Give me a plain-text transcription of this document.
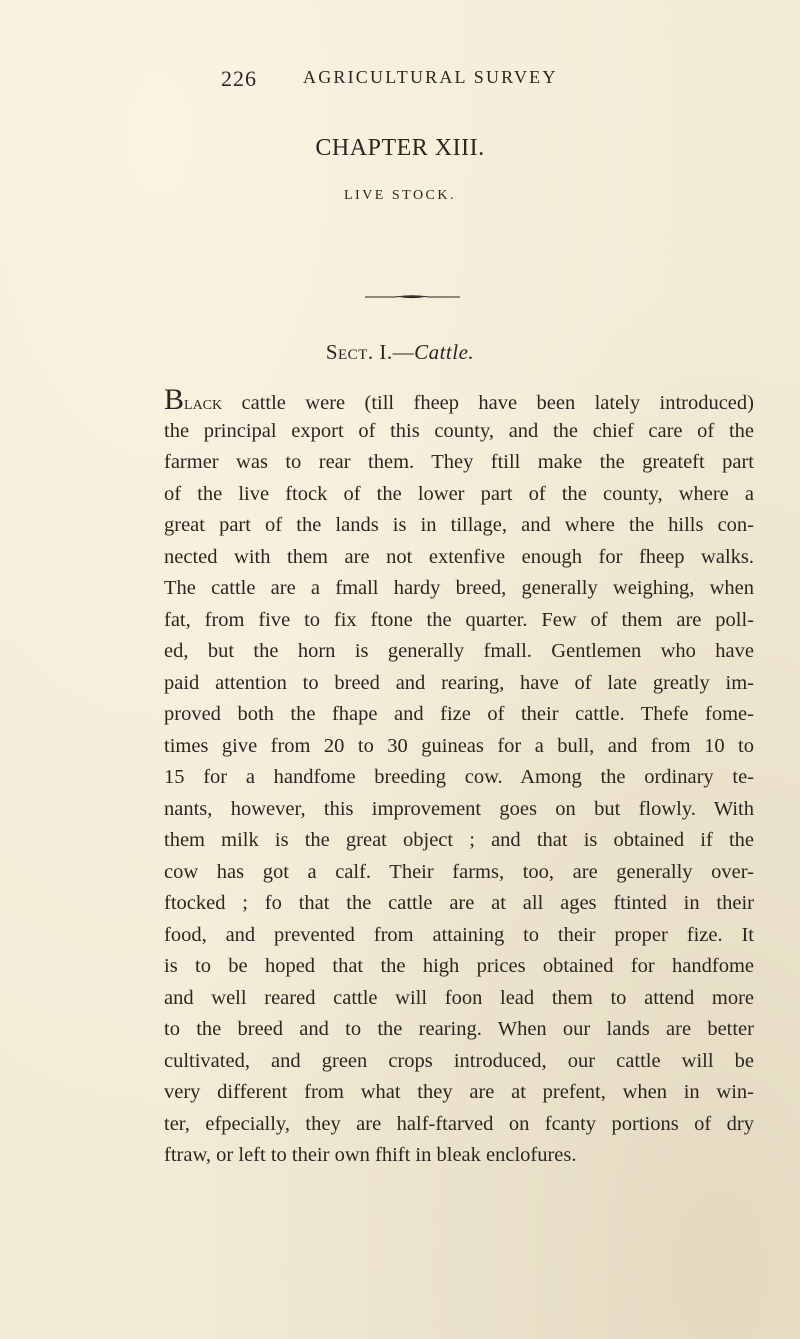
226	AGRICULTURAL SURVEY
CHAPTER XIII.
LIVE STOCK.
Sect. I.—Cattle.
Black cattle were (till fheep have been lately introduced)
the principal export of this county, and the chief care of the
farmer was to rear them. They ftill make the greateft part
of the live ftock of the lower part of the county, where a
great part of the lands is in tillage, and where the hills con-
nected with them are not extenfive enough for fheep walks.
The cattle are a fmall hardy breed, generally weighing, when
fat, from five to fix ftone the quarter. Few of them are poll-
ed, but the horn is generally fmall. Gentlemen who have
paid attention to breed and rearing, have of late greatly im-
proved both the fhape and fize of their cattle. Thefe fome-
times give from 20 to 30 guineas for a bull, and from 10 to
15 for a handfome breeding cow. Among the ordinary te-
nants, however, this improvement goes on but flowly. With
them milk is the great object ; and that is obtained if the
cow has got a calf. Their farms, too, are generally over-
ftocked ; fo that the cattle are at all ages ftinted in their
food, and prevented from attaining to their proper fize. It
is to be hoped that the high prices obtained for handfome
and well reared cattle will foon lead them to attend more
to the breed and to the rearing. When our lands are better
cultivated, and green crops introduced, our cattle will be
very different from what they are at prefent, when in win-
ter, efpecially, they are half-ftarved on fcanty portions of dry
ftraw, or left to their own fhift in bleak enclofures.
